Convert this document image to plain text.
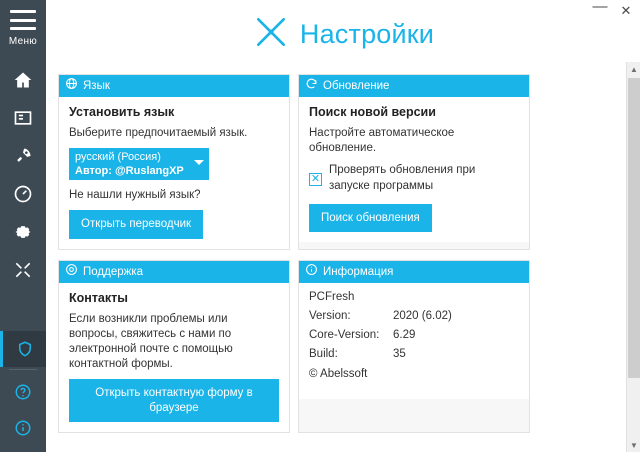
Меню
— ✕
Настройки
Язык
Установить язык
Выберите предпочитаемый язык.
русский (Россия)
Автор: @RuslangXP
Не нашли нужный язык?
Открыть переводчик
Обновление
Поиск новой версии
Настройте автоматическое обновление.
✕
Проверять обновления при запуске программы
Поиск обновления
Поддержка
Контакты
Если возникли проблемы или вопросы, свяжитесь с нами по электронной почте с помощью контактной формы.
Открыть контактную форму в браузере
Информация
PCFresh
Version:	2020 (6.02)
Core-Version:	6.29
Build:	35
© Abelssoft
▲
▼
